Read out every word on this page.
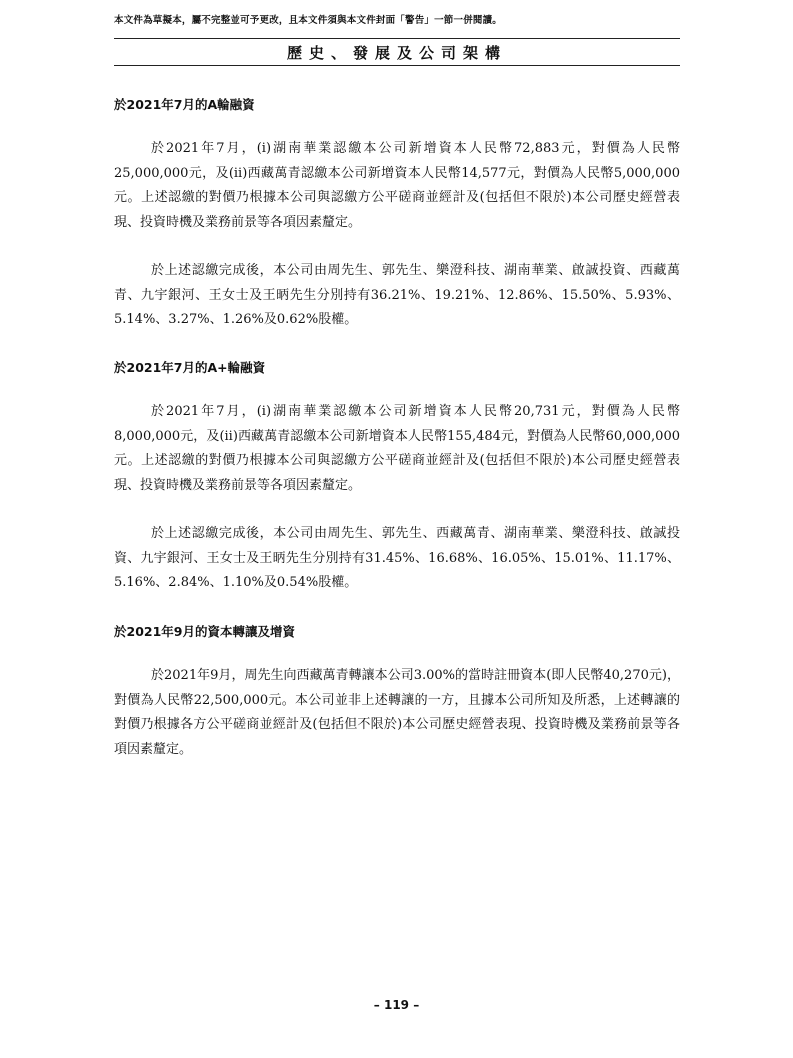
本文件為草擬本，屬不完整並可予更改，且本文件須與本文件封面「警告」一節一併閱讀。
歷史、發展及公司架構
於2021年7月的A輪融資

於2021年7月，(i)湖南華業認繳本公司新增資本人民幣72,883元，對價為人民幣25,000,000元，及(ii)西藏萬青認繳本公司新增資本人民幣14,577元，對價為人民幣5,000,000元。上述認繳的對價乃根據本公司與認繳方公平磋商並經計及(包括但不限於)本公司歷史經營表現、投資時機及業務前景等各項因素釐定。

於上述認繳完成後，本公司由周先生、郭先生、樂澄科技、湖南華業、啟誠投資、西藏萬青、九宇銀河、王女士及王昞先生分別持有36.21%、19.21%、12.86%、15.50%、5.93%、5.14%、3.27%、1.26%及0.62%股權。

於2021年7月的A+輪融資

於2021年7月，(i)湖南華業認繳本公司新增資本人民幣20,731元，對價為人民幣8,000,000元，及(ii)西藏萬青認繳本公司新增資本人民幣155,484元，對價為人民幣60,000,000元。上述認繳的對價乃根據本公司與認繳方公平磋商並經計及(包括但不限於)本公司歷史經營表現、投資時機及業務前景等各項因素釐定。

於上述認繳完成後，本公司由周先生、郭先生、西藏萬青、湖南華業、樂澄科技、啟誠投資、九宇銀河、王女士及王昞先生分別持有31.45%、16.68%、16.05%、15.01%、11.17%、5.16%、2.84%、1.10%及0.54%股權。

於2021年9月的資本轉讓及增資

於2021年9月，周先生向西藏萬青轉讓本公司3.00%的當時註冊資本(即人民幣40,270元)，對價為人民幣22,500,000元。本公司並非上述轉讓的一方，且據本公司所知及所悉，上述轉讓的對價乃根據各方公平磋商並經計及(包括但不限於)本公司歷史經營表現、投資時機及業務前景等各項因素釐定。

– 119 –
